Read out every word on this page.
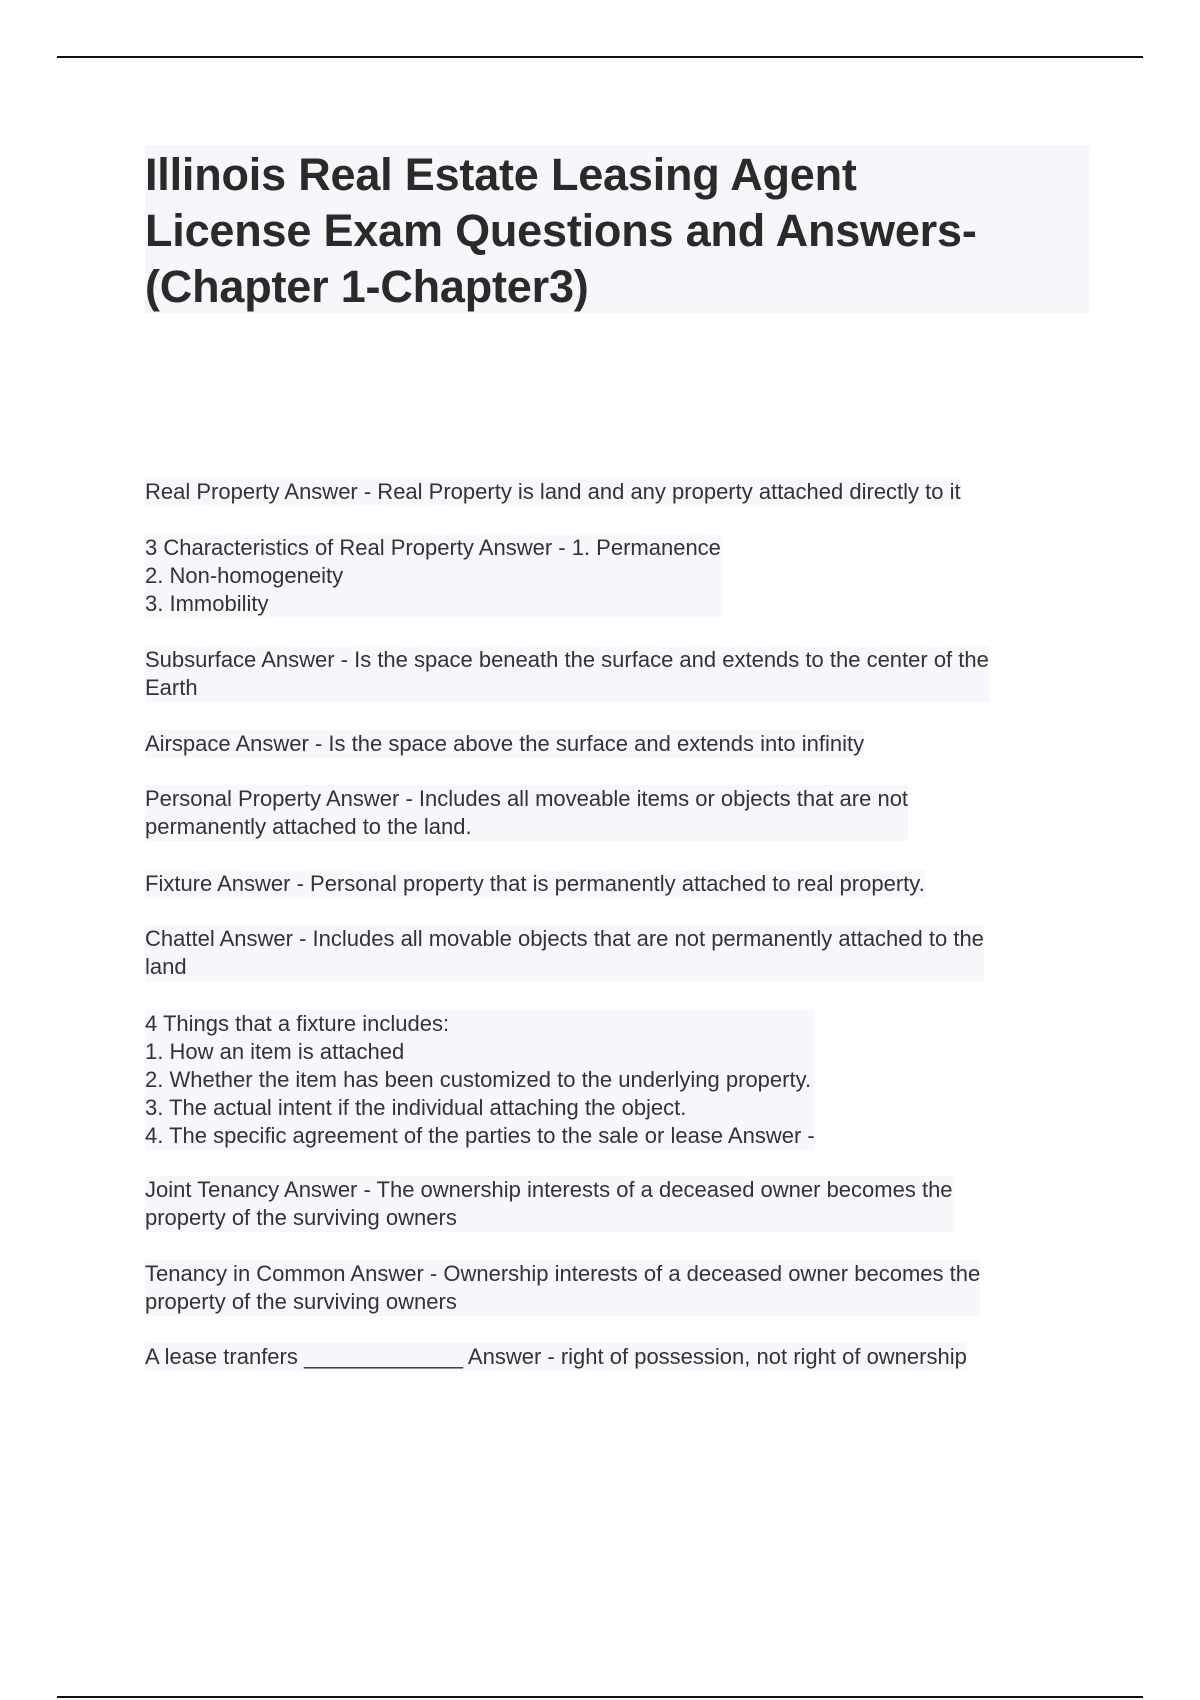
Illinois Real Estate Leasing Agent
License Exam Questions and Answers-
(Chapter 1-Chapter3)
Real Property Answer - Real Property is land and any property attached directly to it
3 Characteristics of Real Property Answer - 1. Permanence
2. Non-homogeneity
3. Immobility
Subsurface Answer - Is the space beneath the surface and extends to the center of the
Earth
Airspace Answer - Is the space above the surface and extends into infinity
Personal Property Answer - Includes all moveable items or objects that are not
permanently attached to the land.
Fixture Answer - Personal property that is permanently attached to real property.
Chattel Answer - Includes all movable objects that are not permanently attached to the
land
4 Things that a fixture includes:
1. How an item is attached
2. Whether the item has been customized to the underlying property.
3. The actual intent if the individual attaching the object.
4. The specific agreement of the parties to the sale or lease Answer -
Joint Tenancy Answer - The ownership interests of a deceased owner becomes the
property of the surviving owners
Tenancy in Common Answer - Ownership interests of a deceased owner becomes the
property of the surviving owners
A lease tranfers _____________ Answer - right of possession, not right of ownership
